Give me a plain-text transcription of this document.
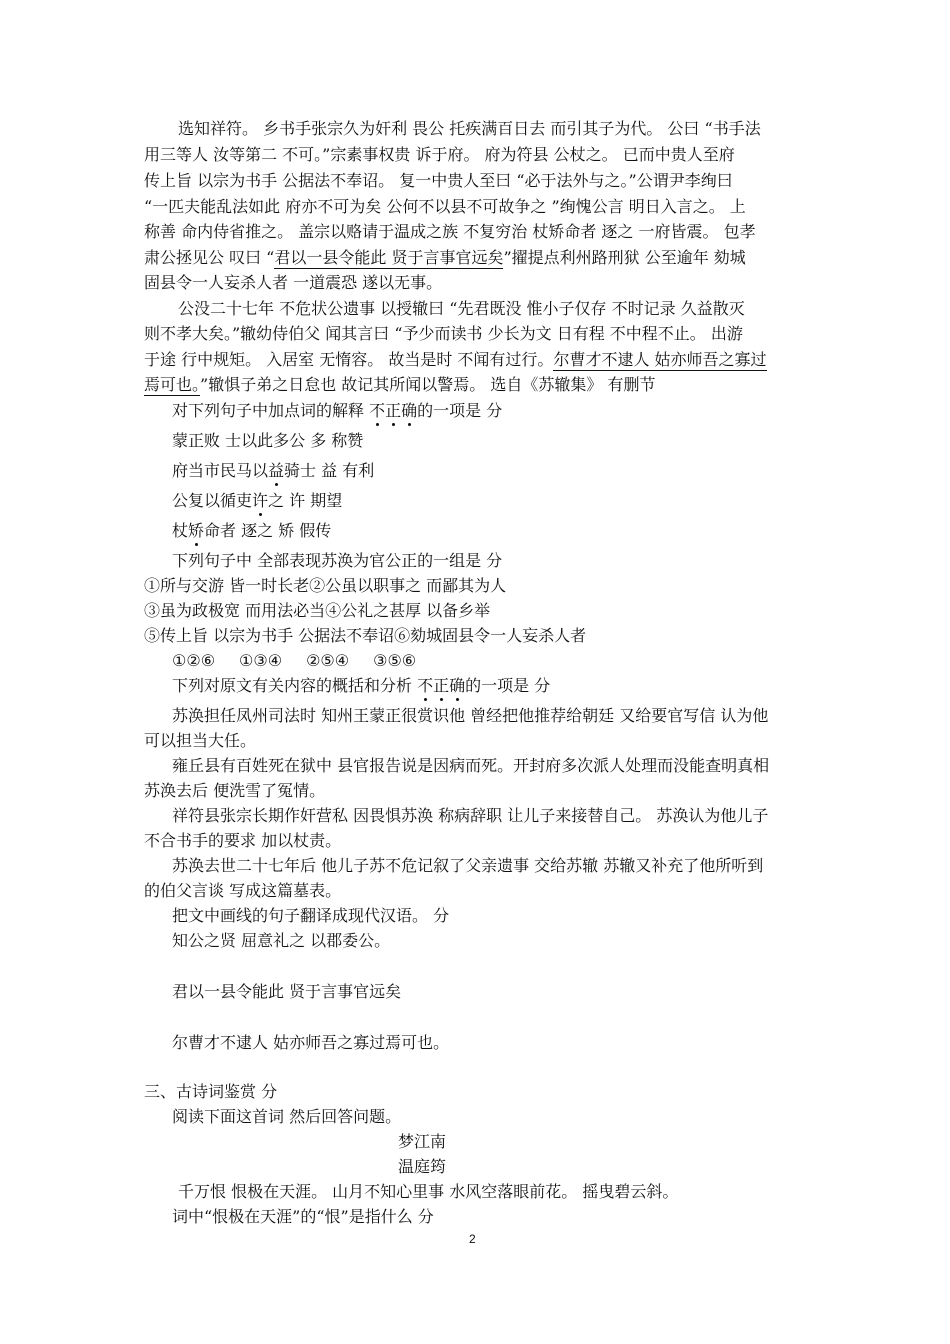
选知祥符。 乡书手张宗久为奸利 畏公 托疾满百日去 而引其子为代。 公曰 “书手法
用三等人 汝等第二 不可。”宗素事权贵 诉于府。 府为符县 公杖之。 已而中贵人至府
传上旨 以宗为书手 公据法不奉诏。 复一中贵人至曰 “必于法外与之。”公谓尹李绚曰
“一匹夫能乱法如此 府亦不可为矣 公何不以县不可故争之 ”绚愧公言 明日入言之。 上
称善 命内侍省推之。 盖宗以赂请于温成之族 不复穷治 杖矫命者 逐之 一府皆震。 包孝
肃公拯见公 叹曰 “君以一县令能此 贤于言事官远矣”擢提点利州路刑狱 公至逾年 劾城
固县令一人妄杀人者 一道震恐 遂以无事。
公没二十七年 不危状公遗事 以授辙曰 “先君既没 惟小子仅存 不时记录 久益散灭
则不孝大矣。”辙幼侍伯父 闻其言曰 “予少而读书 少长为文 日有程 不中程不止。 出游
于途 行中规矩。 入居室 无惰容。 故当是时 不闻有过行。尔曹才不逮人 姑亦师吾之寡过
焉可也。”辙惧子弟之日怠也 故记其所闻以警焉。 选自《苏辙集》 有删节
对下列句子中加点词的解释 不正确的一项是 分
蒙正败 士以此多公 多 称赞
府当市民马以益骑士 益 有利
公复以循吏许之 许 期望
杖矫命者 逐之 矫 假传
下列句子中 全部表现苏涣为官公正的一组是 分
①所与交游 皆一时长老②公虽以职事之 而鄙其为人
③虽为政极宽 而用法必当④公礼之甚厚 以备乡举
⑤传上旨 以宗为书手 公据法不奉诏⑥劾城固县令一人妄杀人者
①②⑥ ①③④ ②⑤④ ③⑤⑥
下列对原文有关内容的概括和分析 不正确的一项是 分
苏涣担任凤州司法时 知州王蒙正很赏识他 曾经把他推荐给朝廷 又给要官写信 认为他
可以担当大任。
雍丘县有百姓死在狱中 县官报告说是因病而死。开封府多次派人处理而没能查明真相
苏涣去后 便洗雪了冤情。
祥符县张宗长期作奸营私 因畏惧苏涣 称病辞职 让儿子来接替自己。 苏涣认为他儿子
不合书手的要求 加以杖责。
苏涣去世二十七年后 他儿子苏不危记叙了父亲遗事 交给苏辙 苏辙又补充了他所听到
的伯父言谈 写成这篇墓表。
把文中画线的句子翻译成现代汉语。 分
知公之贤 屈意礼之 以郡委公。
君以一县令能此 贤于言事官远矣
尔曹才不逮人 姑亦师吾之寡过焉可也。
三、古诗词鉴赏 分
阅读下面这首词 然后回答问题。
梦江南
温庭筠
千万恨 恨极在天涯。 山月不知心里事 水风空落眼前花。 摇曳碧云斜。
词中“恨极在天涯”的“恨”是指什么 分
2
